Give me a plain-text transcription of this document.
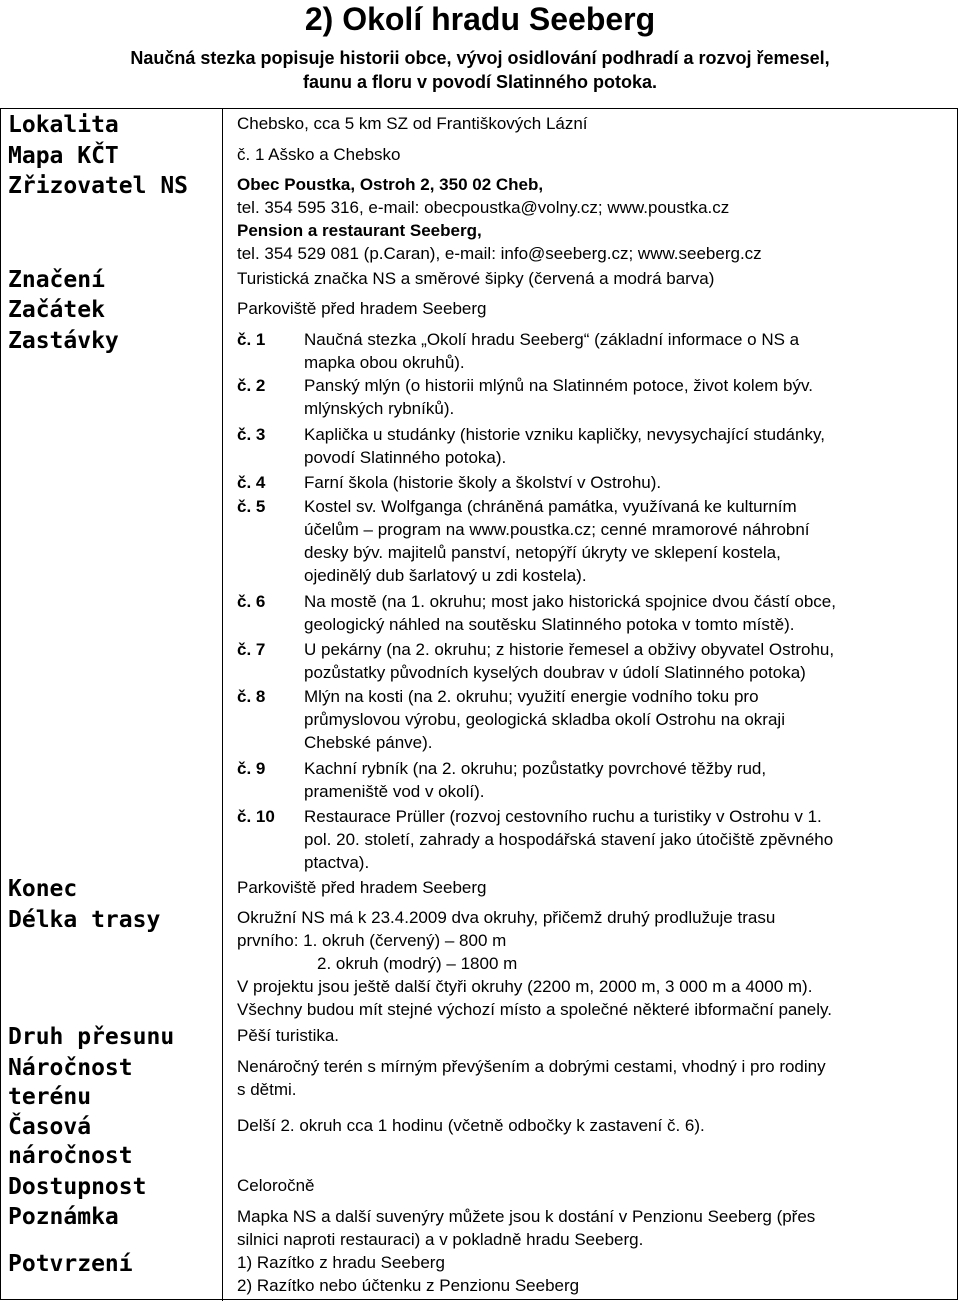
2) Okolí hradu Seeberg
Naučná stezka popisuje historii obce, vývoj osidlování podhradí a rozvoj řemesel,
faunu a floru v povodí Slatinného potoka.
Lokalita
Mapa KČT
Zřizovatel NS
Značení
Začátek
Zastávky
Konec
Délka trasy
Druh přesunu
Náročnost
terénu
Časová
náročnost
Dostupnost
Poznámka
Potvrzení
Chebsko, cca 5 km SZ od Františkových Lázní
č. 1 Ašsko a Chebsko
Obec Poustka, Ostroh 2, 350 02 Cheb,
tel. 354 595 316, e-mail: obecpoustka@volny.cz; www.poustka.cz
Pension a restaurant Seeberg,
tel. 354 529 081 (p.Caran), e-mail: info@seeberg.cz; www.seeberg.cz
Turistická značka NS a směrové šipky (červená a modrá barva)
Parkoviště před hradem Seeberg
č. 1 Naučná stezka „Okolí hradu Seeberg“ (základní informace o NS a
mapka obou okruhů).
č. 2 Panský mlýn (o historii mlýnů na Slatinném potoce, život kolem býv.
mlýnských rybníků).
č. 3 Kaplička u studánky (historie vzniku kapličky, nevysychající studánky,
povodí Slatinného potoka).
č. 4 Farní škola (historie školy a školství v Ostrohu).
č. 5 Kostel sv. Wolfganga (chráněná památka, využívaná ke kulturním
účelům – program na www.poustka.cz; cenné mramorové náhrobní
desky býv. majitelů panství, netopýří úkryty ve sklepení kostela,
ojedinělý dub šarlatový u zdi kostela).
č. 6 Na mostě (na 1. okruhu; most jako historická spojnice dvou částí obce,
geologický náhled na soutěsku Slatinného potoka v tomto místě).
č. 7 U pekárny (na 2. okruhu; z historie řemesel a obživy obyvatel Ostrohu,
pozůstatky původních kyselých doubrav v údolí Slatinného potoka)
č. 8 Mlýn na kosti (na 2. okruhu; využití energie vodního toku pro
průmyslovou výrobu, geologická skladba okolí Ostrohu na okraji
Chebské pánve).
č. 9 Kachní rybník (na 2. okruhu; pozůstatky povrchové těžby rud,
prameniště vod v okolí).
č. 10 Restaurace Prüller (rozvoj cestovního ruchu a turistiky v Ostrohu v 1.
pol. 20. století, zahrady a hospodářská stavení jako útočiště zpěvného
ptactva).
Parkoviště před hradem Seeberg
Okružní NS má k 23.4.2009 dva okruhy, přičemž druhý prodlužuje trasu
prvního: 1. okruh (červený) – 800 m
2. okruh (modrý) – 1800 m
V projektu jsou ještě další čtyři okruhy (2200 m, 2000 m, 3 000 m a 4000 m).
Všechny budou mít stejné výchozí místo a společné některé ibformační panely.
Pěší turistika.
Nenáročný terén s mírným převýšením a dobrými cestami, vhodný i pro rodiny
s dětmi.
Delší 2. okruh cca 1 hodinu (včetně odbočky k zastavení č. 6).
Celoročně
Mapka NS a další suvenýry můžete jsou k dostání v Penzionu Seeberg (přes
silnici naproti restauraci) a v pokladně hradu Seeberg.
1) Razítko z hradu Seeberg
2) Razítko nebo účtenku z Penzionu Seeberg
